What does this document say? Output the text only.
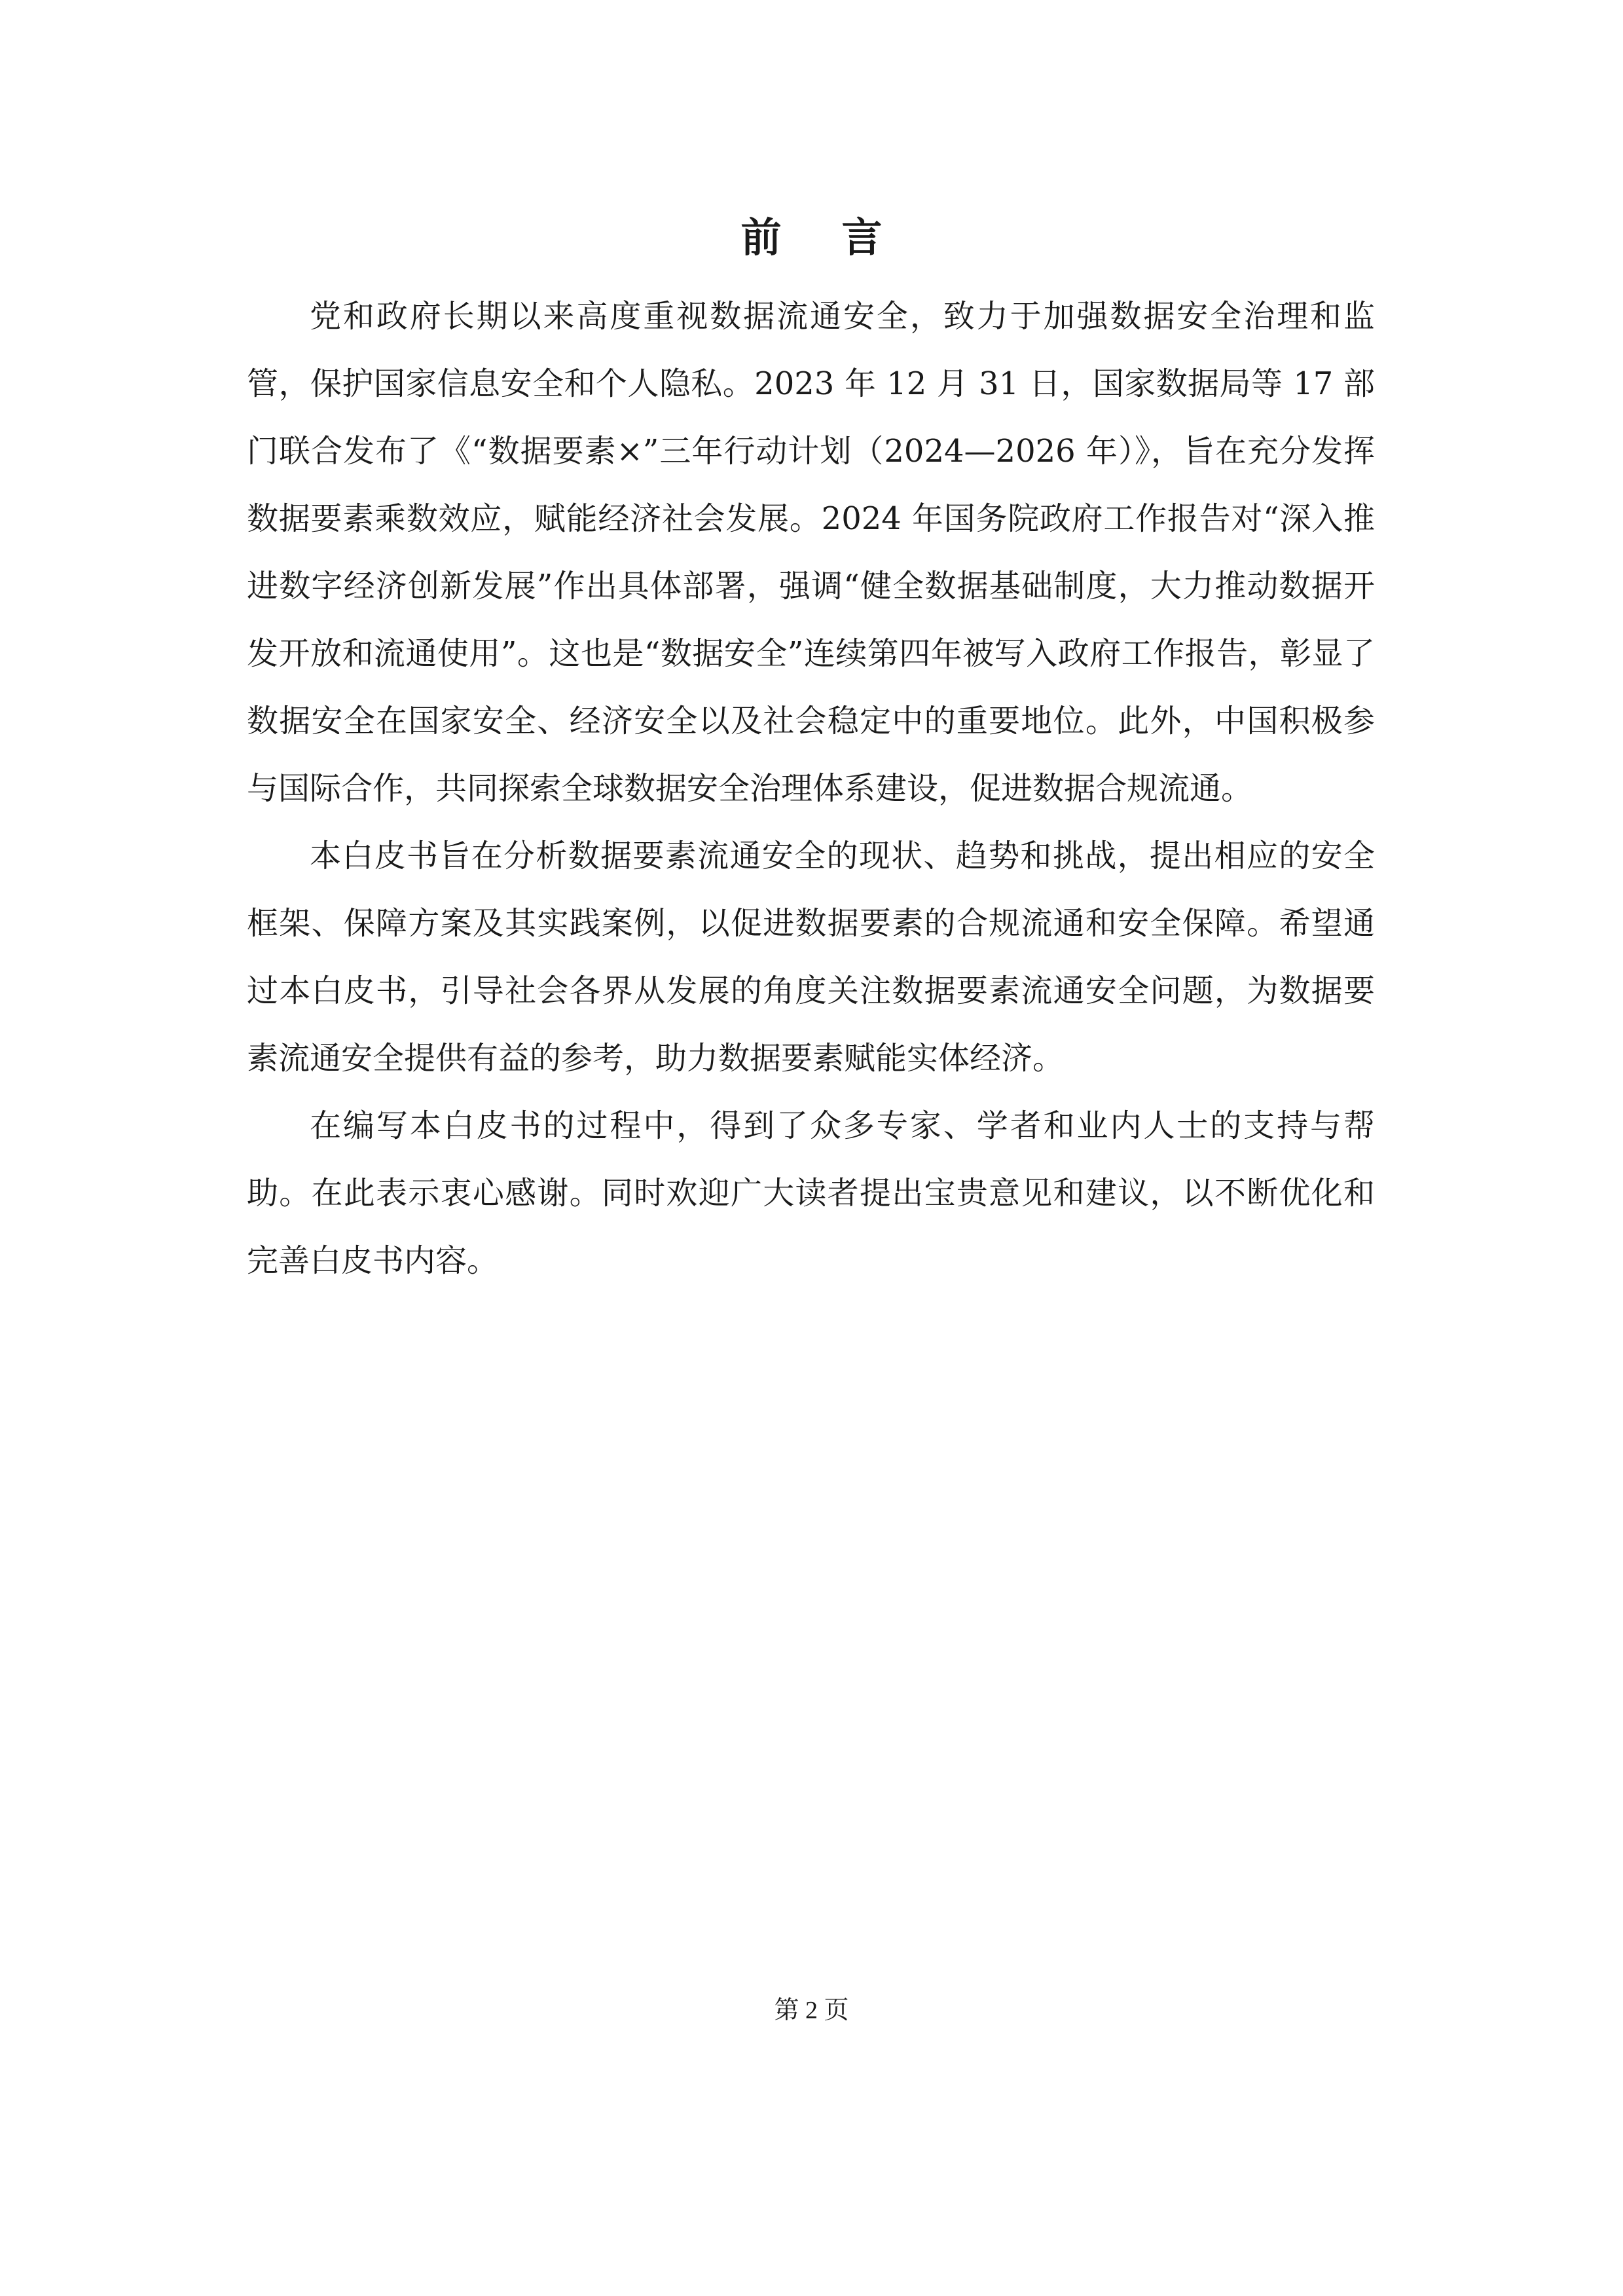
前言

党和政府长期以来高度重视数据流通安全，致力于加强数据安全治理和监管，保护国家信息安全和个人隐私。2023 年 12 月 31 日，国家数据局等 17 部门联合发布了《“数据要素×”三年行动计划（2024—2026 年）》，旨在充分发挥数据要素乘数效应，赋能经济社会发展。2024 年国务院政府工作报告对“深入推进数字经济创新发展”作出具体部署，强调“健全数据基础制度，大力推动数据开发开放和流通使用”。这也是“数据安全”连续第四年被写入政府工作报告，彰显了数据安全在国家安全、经济安全以及社会稳定中的重要地位。此外，中国积极参与国际合作，共同探索全球数据安全治理体系建设，促进数据合规流通。

本白皮书旨在分析数据要素流通安全的现状、趋势和挑战，提出相应的安全框架、保障方案及其实践案例，以促进数据要素的合规流通和安全保障。希望通过本白皮书，引导社会各界从发展的角度关注数据要素流通安全问题，为数据要素流通安全提供有益的参考，助力数据要素赋能实体经济。

在编写本白皮书的过程中，得到了众多专家、学者和业内人士的支持与帮助。在此表示衷心感谢。同时欢迎广大读者提出宝贵意见和建议，以不断优化和完善白皮书内容。

第 2 页
